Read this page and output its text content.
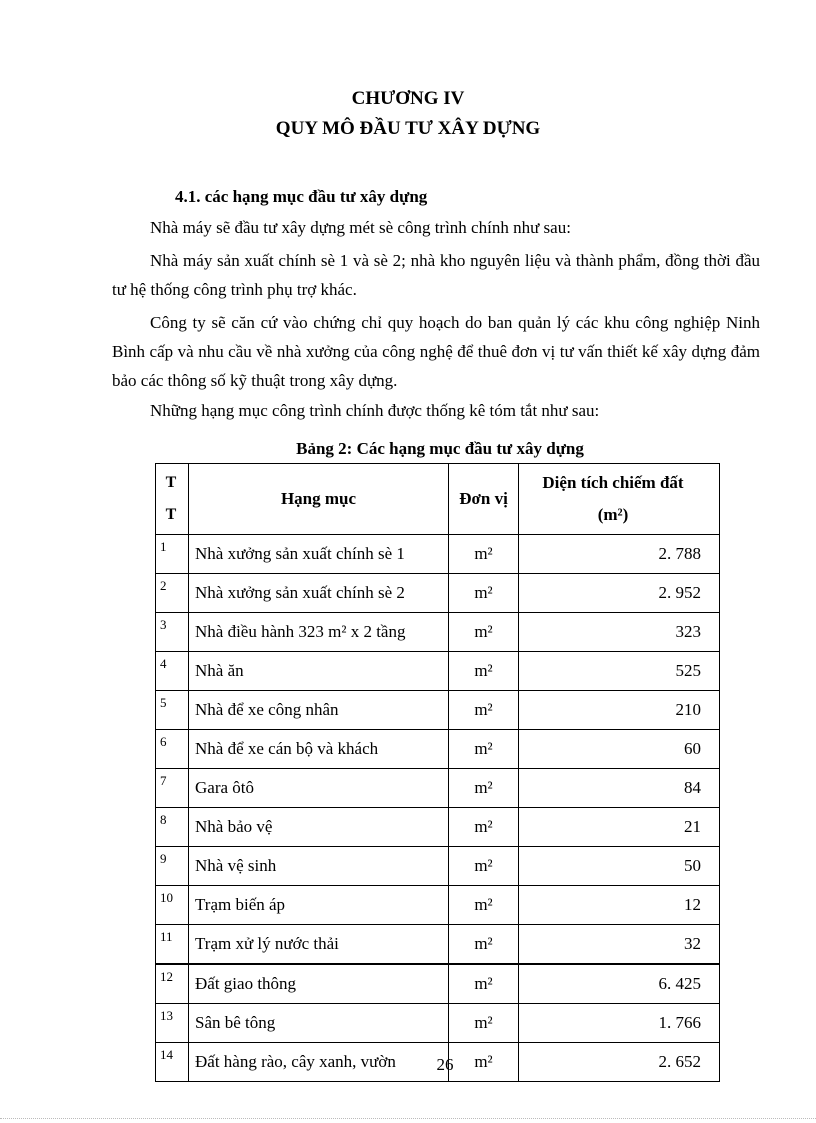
CHƯƠNG IV
QUY MÔ ĐẦU TƯ XÂY DỰNG
4.1. các hạng mục đầu tư xây dựng
Nhà máy sẽ đầu tư xây dựng mét sè công trình chính như sau:
Nhà máy sản xuất chính sè 1 và sè 2; nhà kho nguyên liệu và thành phẩm, đồng thời đầu tư hệ thống công trình phụ trợ khác.
Công ty sẽ căn cứ vào chứng chỉ quy hoạch do ban quản lý các khu công nghiệp Ninh Bình cấp và nhu cầu về nhà xưởng của công nghệ để thuê đơn vị tư vấn thiết kế xây dựng đảm bảo các thông số kỹ thuật trong xây dựng.
Những hạng mục công trình chính được thống kê tóm tắt như sau:
Bảng 2: Các hạng mục đầu tư xây dựng
T
T	Hạng mục	Đơn vị	Diện tích chiếm đất
(m²)
1	Nhà xưởng sản xuất chính sè 1	m²	2. 788
2	Nhà xưởng sản xuất chính sè 2	m²	2. 952
3	Nhà điều hành 323 m² x 2 tầng	m²	323
4	Nhà ăn	m²	525
5	Nhà để xe công nhân	m²	210
6	Nhà để xe cán bộ và khách	m²	60
7	Gara ôtô	m²	84
8	Nhà bảo vệ	m²	21
9	Nhà vệ sinh	m²	50
10	Trạm biến áp	m²	12
11	Trạm xử lý nước thải	m²	32
12	Đất giao thông	m²	6. 425
13	Sân bê tông	m²	1. 766
14	Đất hàng rào, cây xanh, vườn	m²	2. 652
26
